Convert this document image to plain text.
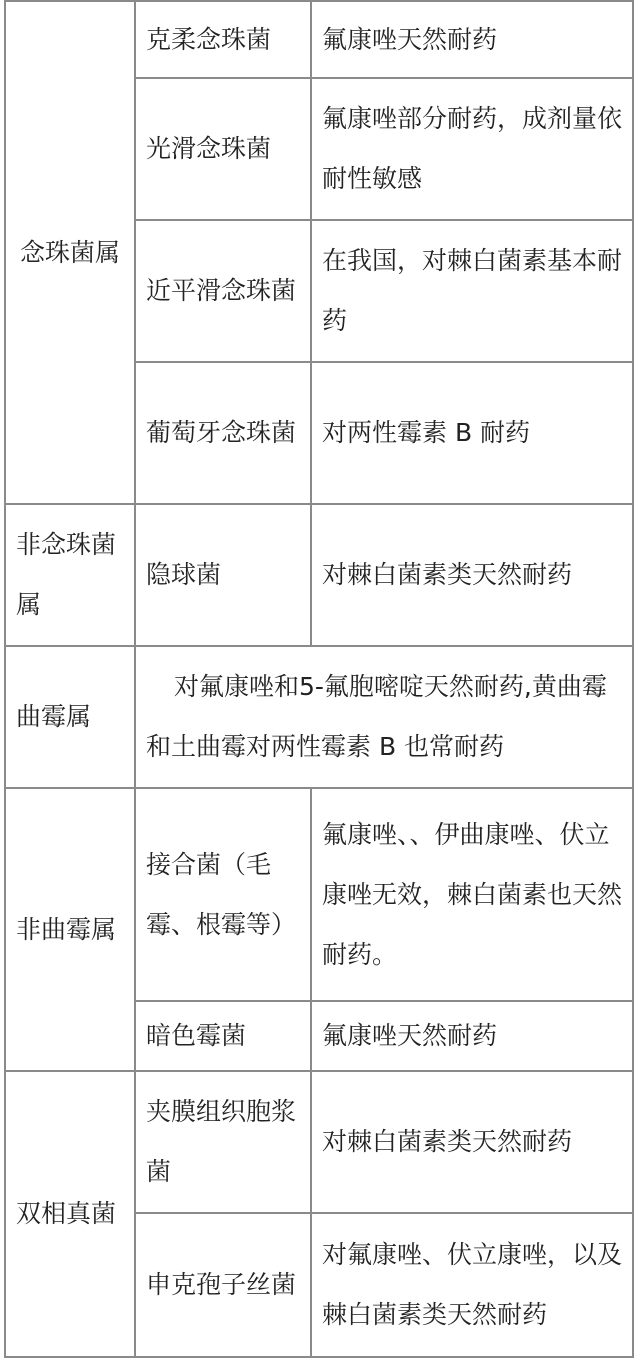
念珠菌属	克柔念珠菌	氟康唑天然耐药
	光滑念珠菌	氟康唑部分耐药，成剂量依耐性敏感
	近平滑念珠菌	在我国，对棘白菌素基本耐药
	葡萄牙念珠菌	对两性霉素 B 耐药
非念珠菌属	隐球菌	对棘白菌素类天然耐药
曲霉属	对氟康唑和5-氟胞嘧啶天然耐药,黄曲霉和土曲霉对两性霉素 B 也常耐药	
非曲霉属	接合菌（毛霉、根霉等）	氟康唑、、伊曲康唑、伏立康唑无效，棘白菌素也天然耐药。
	暗色霉菌	氟康唑天然耐药
双相真菌	夹膜组织胞浆菌	对棘白菌素类天然耐药
	申克孢子丝菌	对氟康唑、伏立康唑，以及棘白菌素类天然耐药
